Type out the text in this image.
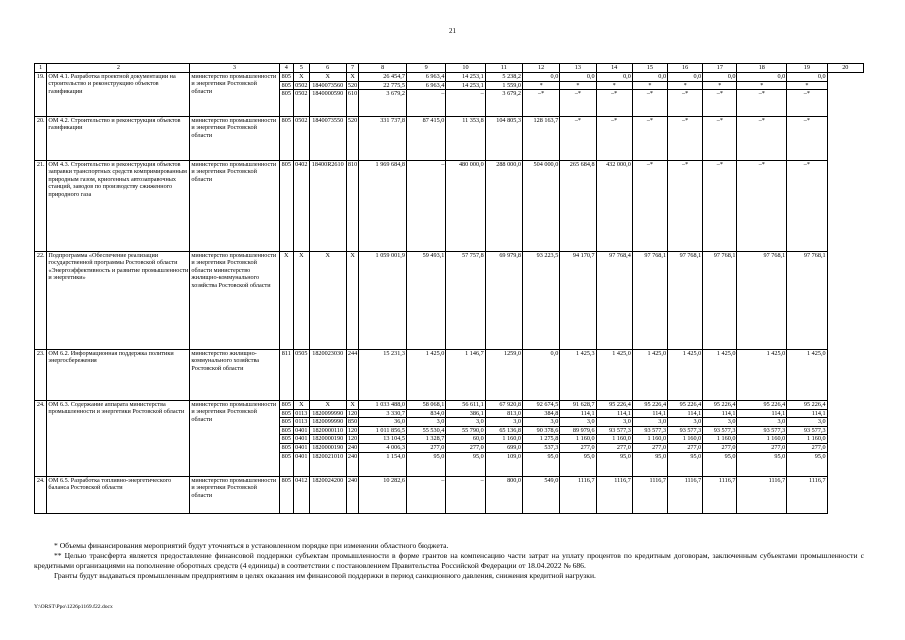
21
1	2	3	4	5	6	7	8	9	10	11	12	13	14	15	16	17	18	19	20
19.	ОМ 4.1. Разработка проектной документации на строительство и реконструкцию объектов газификации	министерство промышленности и энергетики Ростовской области	805	X	X	X	26 454,7	6 963,4	14 253,1	5 238,2	0,0	0,0	0,0	0,0	0,0	0,0	0,0	0,0	
			805	0502	1840073560	520	22 775,5	6 963,4	14 253,1	1 559,0	*	*	*	*	*	*	*	*	
			805	0502	1840000590	610	3 679,2	–	–	3 679,2	–*	–*	–*	–*	–*	–*	–*	–*	
20.	ОМ 4.2. Строительство и реконструкция объектов газификации	министерство промышленности и энергетики Ростовской области	805	0502	1840073550	520	331 737,8	87 415,0	11 353,8	104 805,3	128 163,7	–*	–*	–*	–*	–*	–*	–*	
21.	ОМ 4.3. Строительство и реконструкция объектов заправки транспортных средств компримированным природным газом, криогенных автозаправочных станций, заводов по производству сжиженного природного газа	министерство промышленности и энергетики Ростовской области	805	0402	18400R2610	810	1 969 684,8	–	480 000,0	288 000,0	504 000,0	265 684,8	432 000,0	–*	–*	–*	–*	–*	
22.	Подпрограмма «Обеспечение реализации государственной программы Ростовской области «Энергоэффективность и развитие промышленности и энергетики»	министерство промышленности и энергетики Ростовской области министерство жилищно-коммунального хозяйства Ростовской области	X	X	X	X	1 059 001,9	59 493,1	57 757,8	69 979,8	93 223,5	94 170,7	97 768,4	97 768,1	97 768,1	97 768,1	97 768,1	97 768,1	
23.	ОМ 6.2. Информационная поддержка политики энергосбережения	министерство жилищно-коммунального хозяйства Ростовской области	811	0505	1820023030	244	15 231,3	1 425,0	1 146,7	1259,0	0,0	1 425,3	1 425,0	1 425,0	1 425,0	1 425,0	1 425,0	1 425,0	
24.	ОМ 6.3. Содержание аппарата министерства промышленности и энергетики Ростовской области	министерство промышленности и энергетики Ростовской области	805	X	X	X	1 033 488,0	58 068,1	56 611,1	67 920,8	92 674,5	91 628,7	95 226,4	95 226,4	95 226,4	95 226,4	95 226,4	95 226,4	
			805	0113	1820099990	120	3 330,7	834,0	386,1	813,0	384,8	114,1	114,1	114,1	114,1	114,1	114,1	114,1	
			805	0113	1820099990	850	36,0	3,0	3,0	3,0	3,0	3,0	3,0	3,0	3,0	3,0	3,0	3,0	
			805	0401	1820000110	120	1 011 856,5	55 530,4	55 790,0	65 136,8	90 378,6	89 979,6	93 577,3	93 577,3	93 577,3	93 577,3	93 577,3	93 577,3	
			805	0401	1820000190	120	13 104,5	1 328,7	60,0	1 160,0	1 275,8	1 160,0	1 160,0	1 160,0	1 160,0	1 160,0	1 160,0	1 160,0	
			805	0401	1820000190	240	4 006,3	277,0	277,0	699,0	537,3	277,0	277,0	277,0	277,0	277,0	277,0	277,0	
			805	0401	1820021010	240	1 154,0	95,0	95,0	109,0	95,0	95,0	95,0	95,0	95,0	95,0	95,0	95,0	
24.	ОМ 6.5. Разработка топливно-энергетического баланса Ростовской области	министерство промышленности и энергетики Ростовской области	805	0412	1820024200	240	10 282,6	–	–	800,0	549,0	1116,7	1116,7	1116,7	1116,7	1116,7	1116,7	1116,7	

* Объемы финансирования мероприятий будут уточняться в установленном порядке при изменении областного бюджета.

** Целью трансферта является предоставление финансовой поддержки субъектам промышленности в форме грантов на компенсацию части затрат на уплату процентов по кредитным договорам, заключенным субъектами промышленности с кредитными организациями на пополнение оборотных средств (4 единицы) в соответствии с постановлением Правительства Российской Федерации от 18.04.2022 № 686.

Гранты будут выдаваться промышленным предприятиям в целях оказания им финансовой поддержки в период санкционного давления, снижения кредитной нагрузки.

Y:\ORST\Ppo\1226p1169.f22.docx
